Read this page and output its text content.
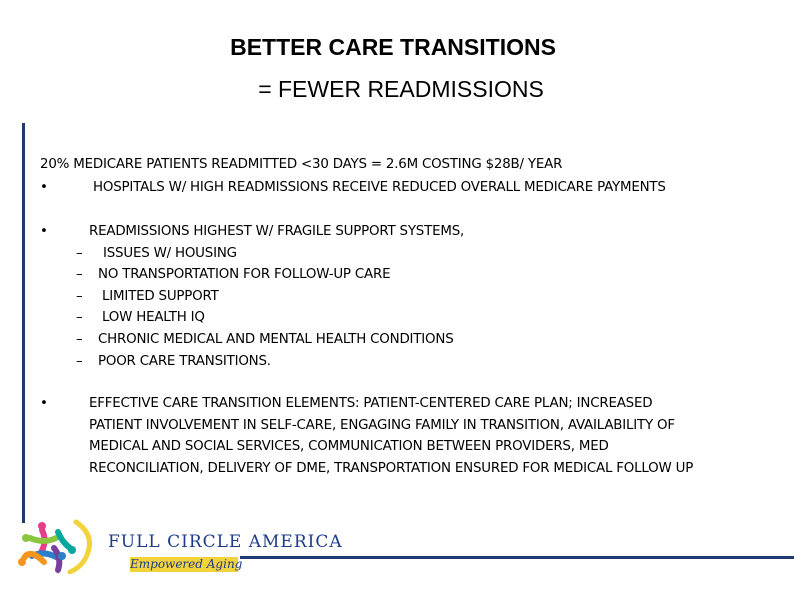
BETTER CARE TRANSITIONS
= FEWER READMISSIONS
20% MEDICARE PATIENTS READMITTED <30 DAYS = 2.6M COSTING $28B/ YEAR
•	HOSPITALS W/ HIGH READMISSIONS RECEIVE REDUCED OVERALL MEDICARE PAYMENTS
•	READMISSIONS HIGHEST W/ FRAGILE SUPPORT SYSTEMS,
– ISSUES W/ HOUSING
– NO TRANSPORTATION FOR FOLLOW-UP CARE
– LIMITED SUPPORT
– LOW HEALTH IQ
– CHRONIC MEDICAL AND MENTAL HEALTH CONDITIONS
– POOR CARE TRANSITIONS.
•	EFFECTIVE CARE TRANSITION ELEMENTS: PATIENT-CENTERED CARE PLAN; INCREASED
PATIENT INVOLVEMENT IN SELF-CARE, ENGAGING FAMILY IN TRANSITION, AVAILABILITY OF
MEDICAL AND SOCIAL SERVICES, COMMUNICATION BETWEEN PROVIDERS, MED
RECONCILIATION, DELIVERY OF DME, TRANSPORTATION ENSURED FOR MEDICAL FOLLOW UP
FULL CIRCLE AMERICA
Empowered Aging
